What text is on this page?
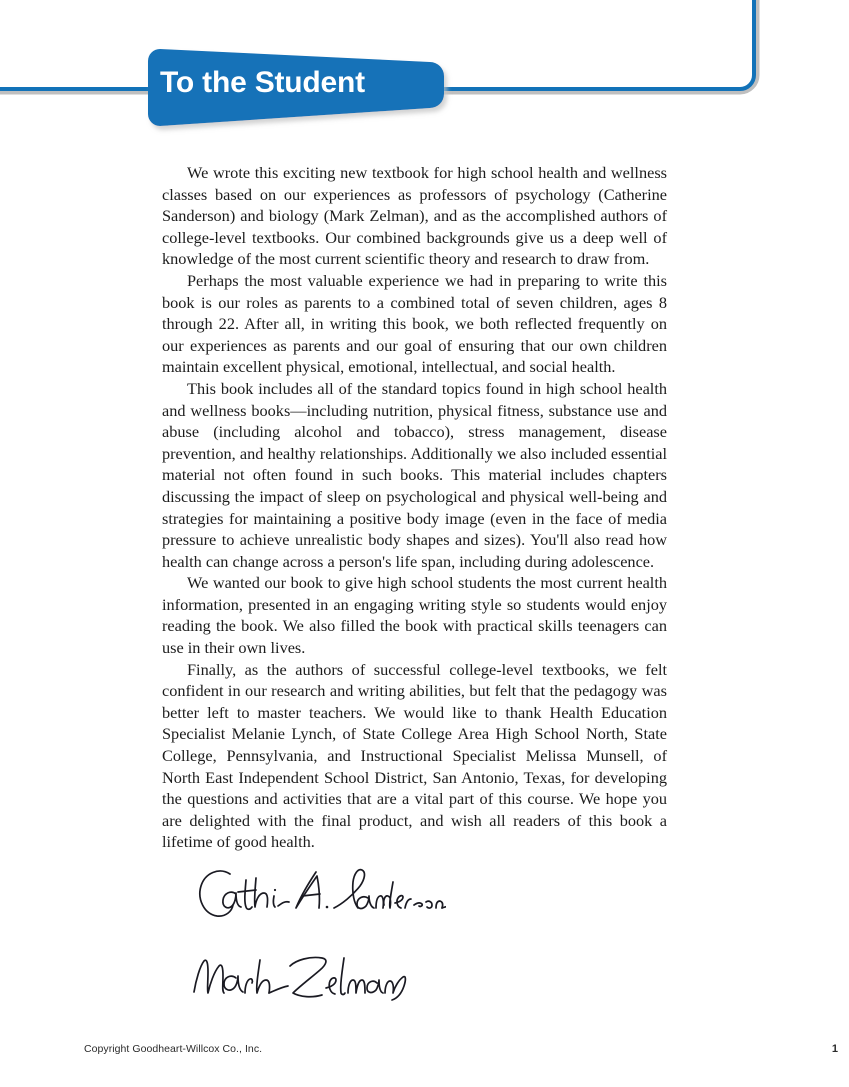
To the Student

We wrote this exciting new textbook for high school health and wellness classes based on our experiences as professors of psychology (Catherine Sanderson) and biology (Mark Zelman), and as the accomplished authors of college-level textbooks. Our combined backgrounds give us a deep well of knowledge of the most current scientific theory and research to draw from.

Perhaps the most valuable experience we had in preparing to write this book is our roles as parents to a combined total of seven children, ages 8 through 22. After all, in writing this book, we both reflected frequently on our experiences as parents and our goal of ensuring that our own children maintain excellent physical, emotional, intellectual, and social health.

This book includes all of the standard topics found in high school health and wellness books—including nutrition, physical fitness, substance use and abuse (including alcohol and tobacco), stress management, disease prevention, and healthy relationships. Additionally we also included essential material not often found in such books. This material includes chapters discussing the impact of sleep on psychological and physical well-being and strategies for maintaining a positive body image (even in the face of media pressure to achieve unrealistic body shapes and sizes). You'll also read how health can change across a person's life span, including during adolescence.

We wanted our book to give high school students the most current health information, presented in an engaging writing style so students would enjoy reading the book. We also filled the book with practical skills teenagers can use in their own lives.

Finally, as the authors of successful college-level textbooks, we felt confident in our research and writing abilities, but felt that the pedagogy was better left to master teachers. We would like to thank Health Education Specialist Melanie Lynch, of State College Area High School North, State College, Pennsylvania, and Instructional Specialist Melissa Munsell, of North East Independent School District, San Antonio, Texas, for developing the questions and activities that are a vital part of this course. We hope you are delighted with the final product, and wish all readers of this book a lifetime of good health.

Copyright Goodheart-Willcox Co., Inc.	1
